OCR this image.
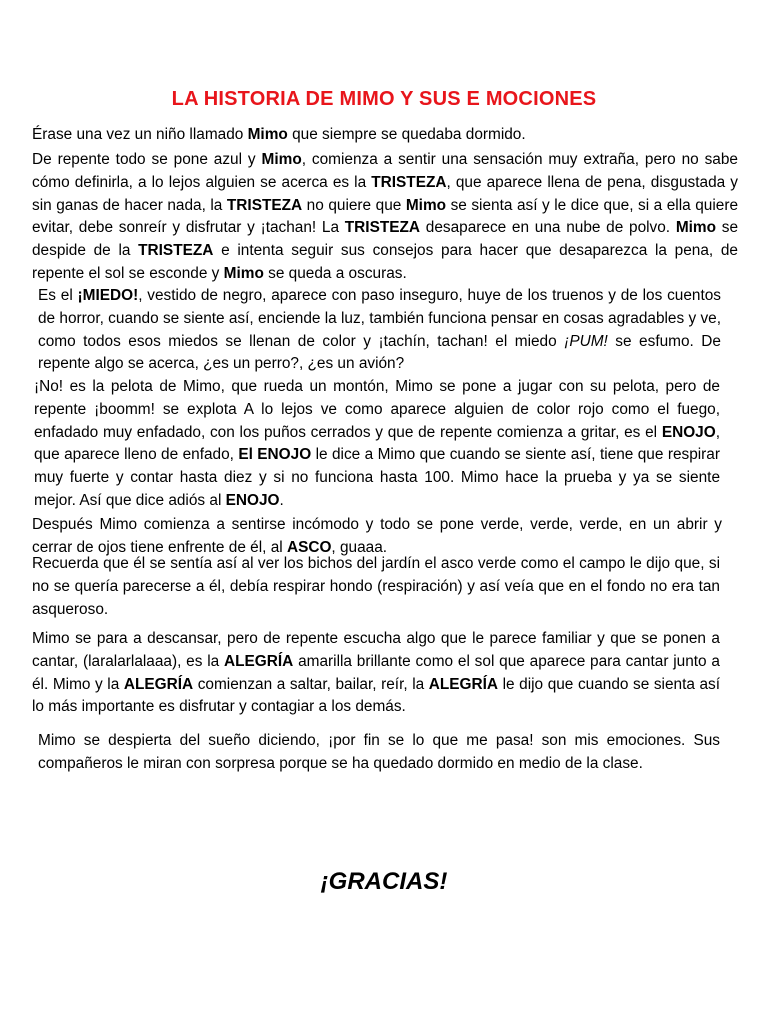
LA HISTORIA DE MIMO Y SUS E MOCIONES

Érase una vez un niño llamado Mimo que siempre se quedaba dormido.

De repente todo se pone azul y Mimo, comienza a sentir una sensación muy extraña, pero no sabe cómo definirla, a lo lejos alguien se acerca es la TRISTEZA, que aparece llena de pena, disgustada y sin ganas de hacer nada, la TRISTEZA no quiere que Mimo se sienta así y le dice que, si a ella quiere evitar, debe sonreír y disfrutar y ¡tachan! La TRISTEZA desaparece en una nube de polvo. Mimo se despide de la TRISTEZA e intenta seguir sus consejos para hacer que desaparezca la pena, de repente el sol se esconde y Mimo se queda a oscuras.

Es el ¡MIEDO!, vestido de negro, aparece con paso inseguro, huye de los truenos y de los cuentos de horror, cuando se siente así, enciende la luz, también funciona pensar en cosas agradables y ve, como todos esos miedos se llenan de color y ¡tachín, tachan! el miedo ¡PUM! se esfumo. De repente algo se acerca, ¿es un perro?, ¿es un avión?

¡No! es la pelota de Mimo, que rueda un montón, Mimo se pone a jugar con su pelota, pero de repente ¡boomm! se explota A lo lejos ve como aparece alguien de color rojo como el fuego, enfadado muy enfadado, con los puños cerrados y que de repente comienza a gritar, es el ENOJO, que aparece lleno de enfado, El ENOJO le dice a Mimo que cuando se siente así, tiene que respirar muy fuerte y contar hasta diez y si no funciona hasta 100. Mimo hace la prueba y ya se siente mejor. Así que dice adiós al ENOJO.

Después Mimo comienza a sentirse incómodo y todo se pone verde, verde, verde, en un abrir y cerrar de ojos tiene enfrente de él, al ASCO, guaaa.

Recuerda que él se sentía así al ver los bichos del jardín el asco verde como el campo le dijo que, si no se quería parecerse a él, debía respirar hondo (respiración) y así veía que en el fondo no era tan asqueroso.

Mimo se para a descansar, pero de repente escucha algo que le parece familiar y que se ponen a cantar, (laralarlalaaa), es la ALEGRÍA amarilla brillante como el sol que aparece para cantar junto a él. Mimo y la ALEGRÍA comienzan a saltar, bailar, reír, la ALEGRÍA le dijo que cuando se sienta así lo más importante es disfrutar y contagiar a los demás.

Mimo se despierta del sueño diciendo, ¡por fin se lo que me pasa! son mis emociones. Sus compañeros le miran con sorpresa porque se ha quedado dormido en medio de la clase.

¡GRACIAS!
